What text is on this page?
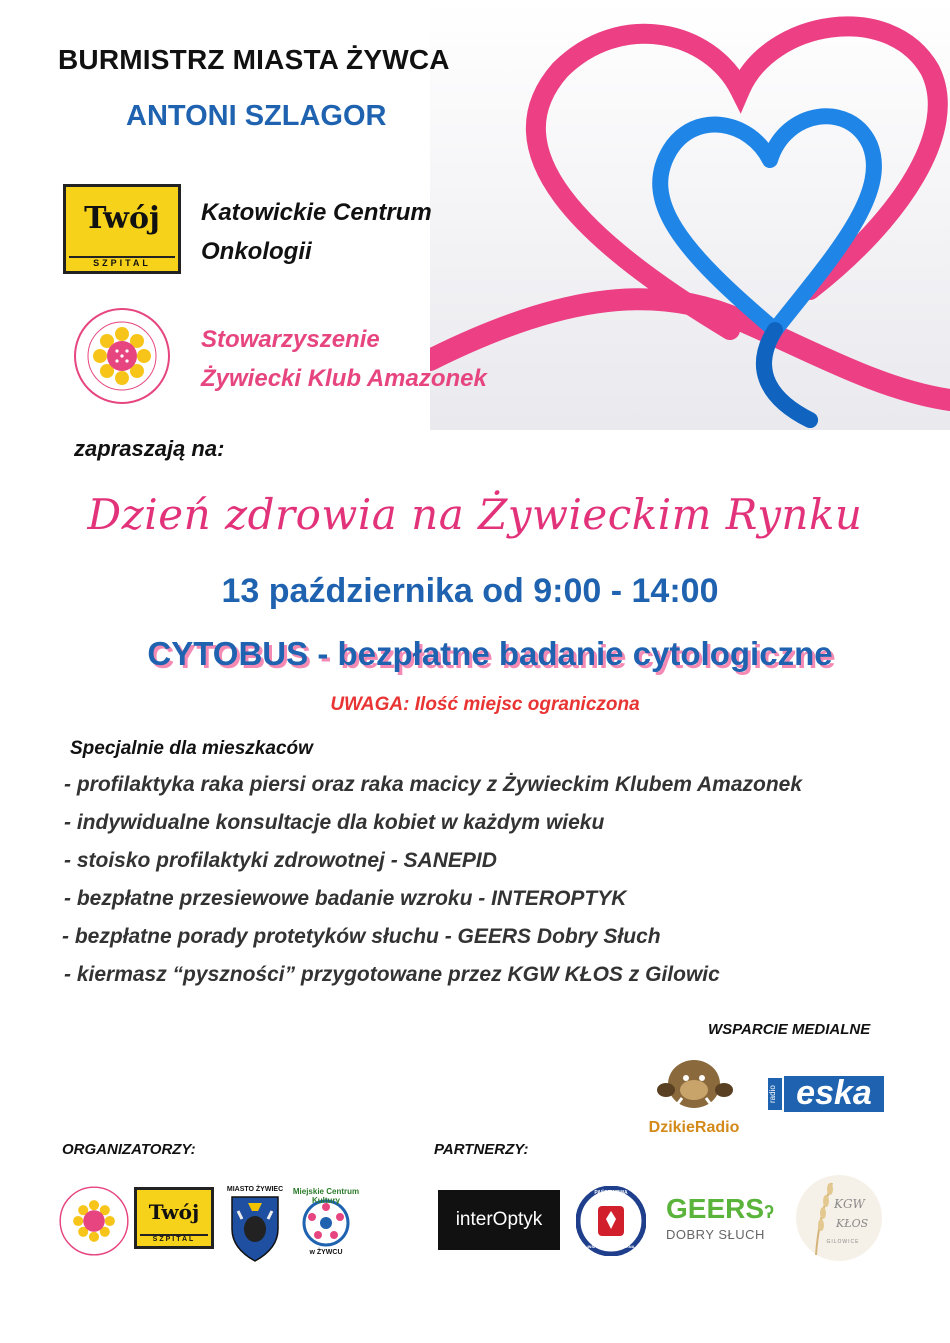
BURMISTRZ MIASTA ŻYWCA
ANTONI SZLAGOR
Twój
SZPITAL
Katowickie Centrum
Onkologii
Stowarzyszenie
Żywiecki Klub Amazonek
zapraszają na:
Dzień zdrowia na Żywieckim Rynku
13 października od 9:00 - 14:00
CYTOBUS - bezpłatne badanie cytologiczne
UWAGA: Ilość miejsc ograniczona
Specjalnie dla mieszkaców
- profilaktyka raka piersi oraz raka macicy z Żywieckim Klubem Amazonek
- indywidualne konsultacje dla kobiet w każdym wieku
- stoisko profilaktyki zdrowotnej - SANEPID
- bezpłatne przesiewowe badanie wzroku - INTEROPTYK
- bezpłatne porady protetyków słuchu - GEERS Dobry Słuch
- kiermasz “pyszności” przygotowane przez KGW KŁOS z Gilowic
WSPARCIE MEDIALNE
DzikieRadio
radio eska
ORGANIZATORZY:	PARTNERZY:
Twój
SZPITAL
MIASTO ŻYWIEC	Miejskie Centrum Kultury
w ŻYWCU
interOptyk
PAŃSTWOWA
INSPEKCJA SANITARNA
GEERSʔ
DOBRY SŁUCH
KGW
KŁOS
GILOWICE
